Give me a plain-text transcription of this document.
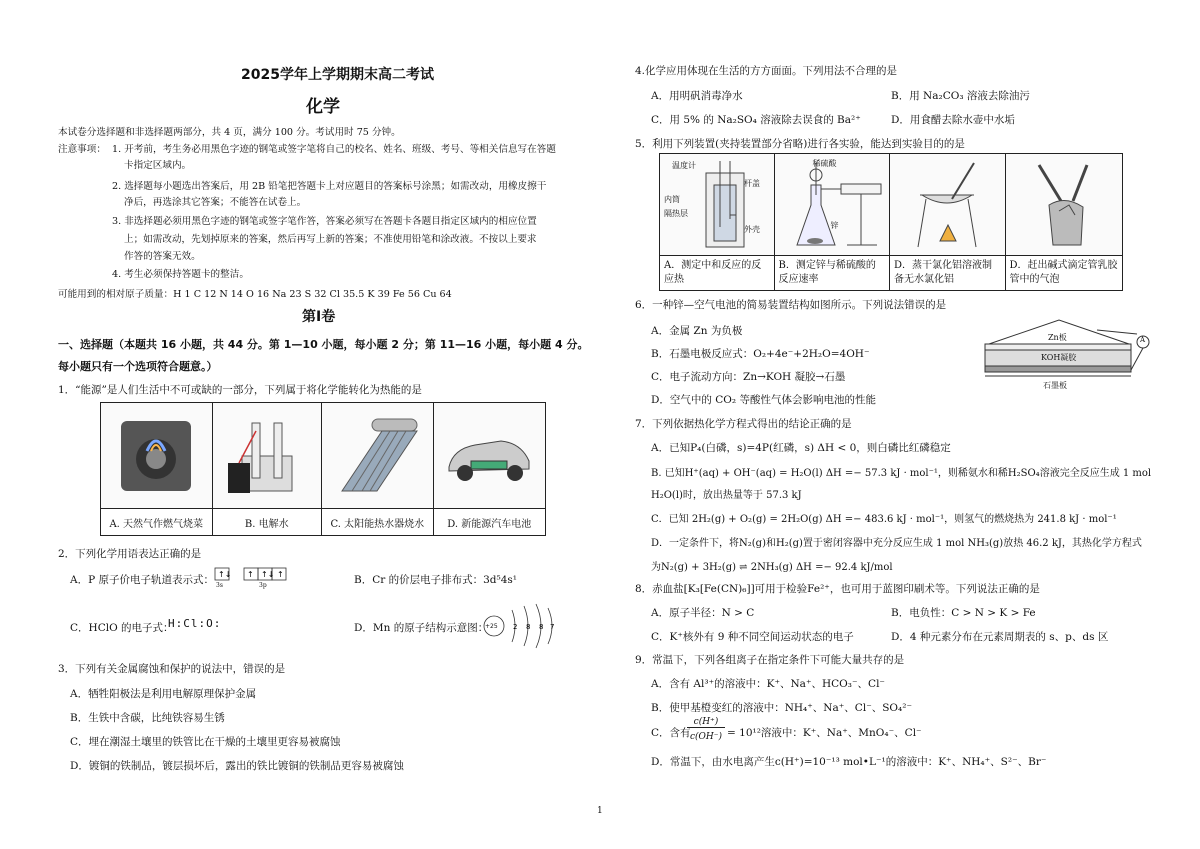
2025学年上学期期末高二考试
化学
本试卷分选择题和非选择题两部分，共 4 页，满分 100 分。考试用时 75 分钟。
注意事项： 1. 开考前，考生务必用黑色字迹的钢笔或签字笔将自己的校名、姓名、班级、考号、等相关信息写在答题
卡指定区域内。
2. 选择题每小题选出答案后，用 2B 铅笔把答题卡上对应题目的答案标号涂黑；如需改动，用橡皮擦干
净后，再选涂其它答案；不能答在试卷上。
3. 非选择题必须用黑色字迹的钢笔或签字笔作答，答案必须写在答题卡各题目指定区域内的相应位置
上；如需改动，先划掉原来的答案，然后再写上新的答案；不准使用铅笔和涂改液。不按以上要求
作答的答案无效。
4. 考生必须保持答题卡的整洁。
可能用到的相对原子质量：H 1 C 12 N 14 O 16 Na 23 S 32 Cl 35.5 K 39 Fe 56 Cu 64
第Ⅰ卷
一、选择题（本题共 16 小题，共 44 分。第 1—10 小题，每小题 2 分；第 11—16 小题，每小题 4 分。
每小题只有一个选项符合题意。）
1．“能源”是人们生活中不可或缺的一部分，下列属于将化学能转化为热能的是
A. 天然气作燃气烧菜	B. 电解水	C. 太阳能热水器烧水	D. 新能源汽车电池
2．下列化学用语表达正确的是
A．P 原子价电子轨道表示式： ↑↓ ↑ ↑↓ ↑
3s	3p	B．Cr 的价层电子排布式：3d⁵4s¹
C．HClO 的电子式：
H:Cl:O:	D．Mn 的原子结构示意图：	2 8 8 7
+25
3．下列有关金属腐蚀和保护的说法中，错误的是
A．牺牲阳极法是利用电解原理保护金属
B．生铁中含碳，比纯铁容易生锈
C．埋在潮湿土壤里的铁管比在干燥的土壤里更容易被腐蚀
D．镀铜的铁制品，镀层损坏后，露出的铁比镀铜的铁制品更容易被腐蚀
4.化学应用体现在生活的方方面面。下列用法不合理的是
A．用明矾消毒净水	B．用 Na₂CO₃ 溶液去除油污
C．用 5% 的 Na₂SO₄ 溶液除去误食的 Ba²⁺	D．用食醋去除水壶中水垢
5．利用下列装置(夹持装置部分省略)进行各实验，能达到实验目的的是
温度计
杆盖
内筒
隔热层
外壳
A．测定中和反应的反应热
稀硫酸
锌
B．测定锌与稀硫酸的反应速率
D．蒸干氯化铝溶液制备无水氯化铝
D．赶出碱式滴定管乳胶管中的气泡
6．一种锌—空气电池的简易装置结构如图所示。下列说法错误的是
A．金属 Zn 为负极
B．石墨电极反应式：O₂+4e⁻+2H₂O=4OH⁻
C．电子流动方向：Zn→KOH 凝胶→石墨
D．空气中的 CO₂ 等酸性气体会影响电池的性能
Zn板
KOH凝胶
石墨板
A
7．下列依据热化学方程式得出的结论正确的是
A．已知P₄(白磷，s)=4P(红磷，s) ΔH < 0，则白磷比红磷稳定
B. 已知H⁺(aq) + OH⁻(aq) = H₂O(l) ΔH =− 57.3 kJ · mol⁻¹，则稀氨水和稀H₂SO₄溶液完全反应生成 1 mol
H₂O(l)时，放出热量等于 57.3 kJ
C．已知 2H₂(g) + O₂(g) = 2H₂O(g) ΔH =− 483.6 kJ · mol⁻¹，则氢气的燃烧热为 241.8 kJ · mol⁻¹
D．一定条件下，将N₂(g)和H₂(g)置于密闭容器中充分反应生成 1 mol NH₃(g)放热 46.2 kJ，其热化学方程式
为N₂(g) + 3H₂(g) ⇌ 2NH₃(g) ΔH =− 92.4 kJ/mol
8．赤血盐[K₃[Fe(CN)₆]]可用于检验Fe²⁺，也可用于蓝图印刷术等。下列说法正确的是
A．原子半径：N > C	B．电负性：C > N > K > Fe
C．K⁺核外有 9 种不同空间运动状态的电子	D．4 种元素分布在元素周期表的 s、p、ds 区
9．常温下，下列各组离子在指定条件下可能大量共存的是
A．含有 Al³⁺的溶液中：K⁺、Na⁺、HCO₃⁻、Cl⁻
B．使甲基橙变红的溶液中：NH₄⁺、Na⁺、Cl⁻、SO₄²⁻
C．含有
c(H⁺)
c(OH⁻) = 10¹²溶液中：K⁺、Na⁺、MnO₄⁻、Cl⁻
D．常温下，由水电离产生c(H⁺)=10⁻¹³ mol•L⁻¹的溶液中：K⁺、NH₄⁺、S²⁻、Br⁻
1
